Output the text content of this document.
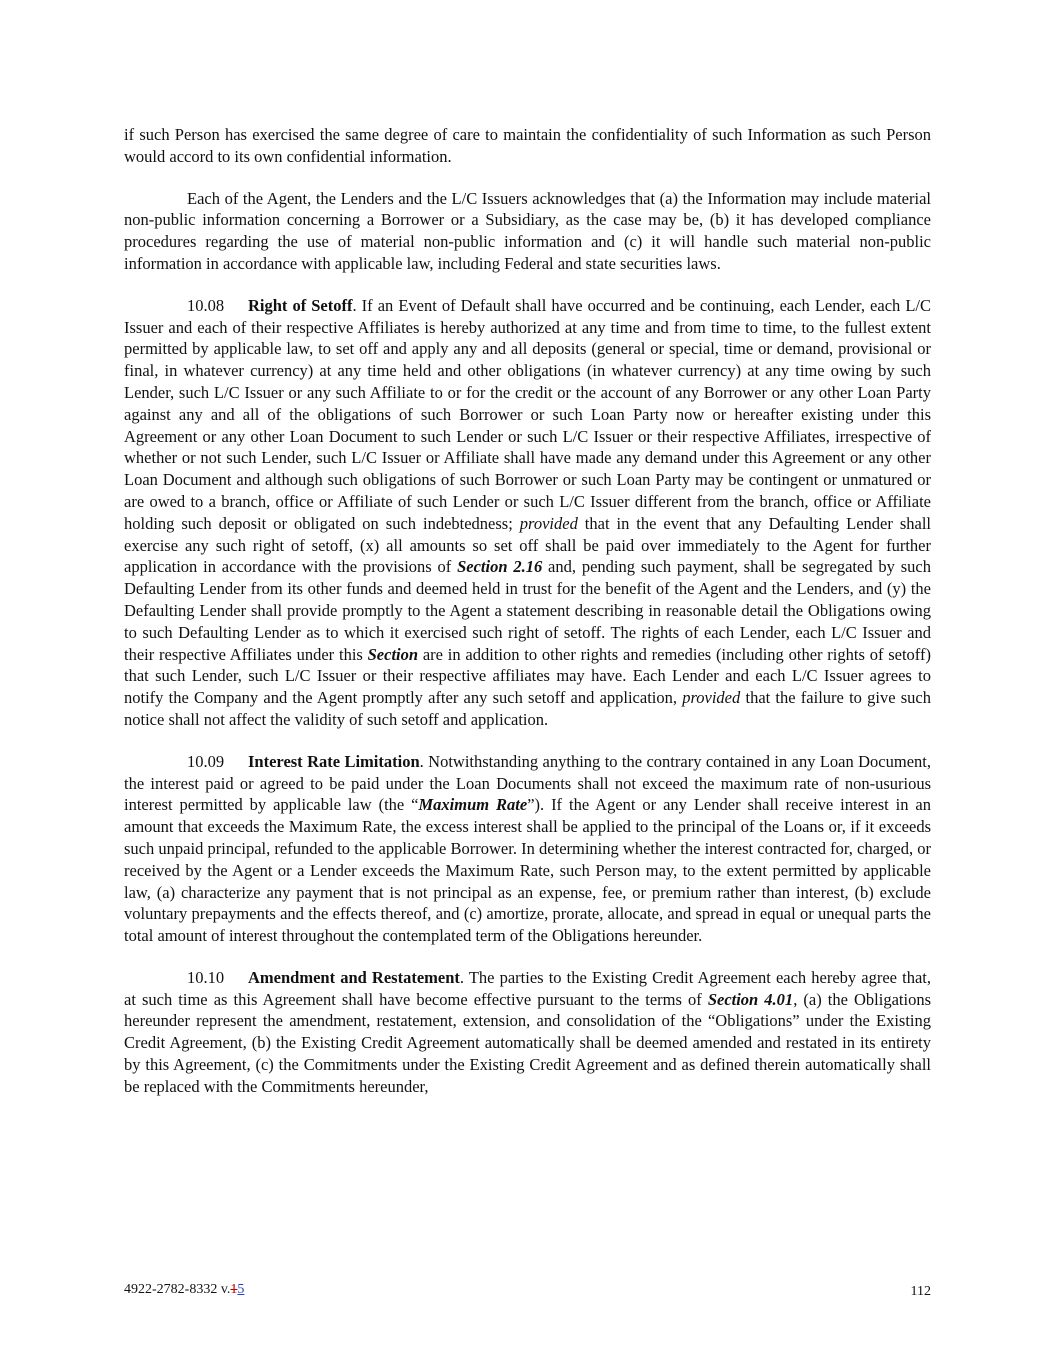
if such Person has exercised the same degree of care to maintain the confidentiality of such Information as such Person would accord to its own confidential information.

Each of the Agent, the Lenders and the L/C Issuers acknowledges that (a) the Information may include material non-public information concerning a Borrower or a Subsidiary, as the case may be, (b) it has developed compliance procedures regarding the use of material non-public information and (c) it will handle such material non-public information in accordance with applicable law, including Federal and state securities laws.

10.08 Right of Setoff. If an Event of Default shall have occurred and be continuing, each Lender, each L/C Issuer and each of their respective Affiliates is hereby authorized at any time and from time to time, to the fullest extent permitted by applicable law, to set off and apply any and all deposits (general or special, time or demand, provisional or final, in whatever currency) at any time held and other obligations (in whatever currency) at any time owing by such Lender, such L/C Issuer or any such Affiliate to or for the credit or the account of any Borrower or any other Loan Party against any and all of the obligations of such Borrower or such Loan Party now or hereafter existing under this Agreement or any other Loan Document to such Lender or such L/C Issuer or their respective Affiliates, irrespective of whether or not such Lender, such L/C Issuer or Affiliate shall have made any demand under this Agreement or any other Loan Document and although such obligations of such Borrower or such Loan Party may be contingent or unmatured or are owed to a branch, office or Affiliate of such Lender or such L/C Issuer different from the branch, office or Affiliate holding such deposit or obligated on such indebtedness; provided that in the event that any Defaulting Lender shall exercise any such right of setoff, (x) all amounts so set off shall be paid over immediately to the Agent for further application in accordance with the provisions of Section 2.16 and, pending such payment, shall be segregated by such Defaulting Lender from its other funds and deemed held in trust for the benefit of the Agent and the Lenders, and (y) the Defaulting Lender shall provide promptly to the Agent a statement describing in reasonable detail the Obligations owing to such Defaulting Lender as to which it exercised such right of setoff. The rights of each Lender, each L/C Issuer and their respective Affiliates under this Section are in addition to other rights and remedies (including other rights of setoff) that such Lender, such L/C Issuer or their respective affiliates may have. Each Lender and each L/C Issuer agrees to notify the Company and the Agent promptly after any such setoff and application, provided that the failure to give such notice shall not affect the validity of such setoff and application.

10.09 Interest Rate Limitation. Notwithstanding anything to the contrary contained in any Loan Document, the interest paid or agreed to be paid under the Loan Documents shall not exceed the maximum rate of non-usurious interest permitted by applicable law (the “Maximum Rate”). If the Agent or any Lender shall receive interest in an amount that exceeds the Maximum Rate, the excess interest shall be applied to the principal of the Loans or, if it exceeds such unpaid principal, refunded to the applicable Borrower. In determining whether the interest contracted for, charged, or received by the Agent or a Lender exceeds the Maximum Rate, such Person may, to the extent permitted by applicable law, (a) characterize any payment that is not principal as an expense, fee, or premium rather than interest, (b) exclude voluntary prepayments and the effects thereof, and (c) amortize, prorate, allocate, and spread in equal or unequal parts the total amount of interest throughout the contemplated term of the Obligations hereunder.

10.10 Amendment and Restatement. The parties to the Existing Credit Agreement each hereby agree that, at such time as this Agreement shall have become effective pursuant to the terms of Section 4.01, (a) the Obligations hereunder represent the amendment, restatement, extension, and consolidation of the “Obligations” under the Existing Credit Agreement, (b) the Existing Credit Agreement automatically shall be deemed amended and restated in its entirety by this Agreement, (c) the Commitments under the Existing Credit Agreement and as defined therein automatically shall be replaced with the Commitments hereunder,

4922-2782-8332 v.15	112
